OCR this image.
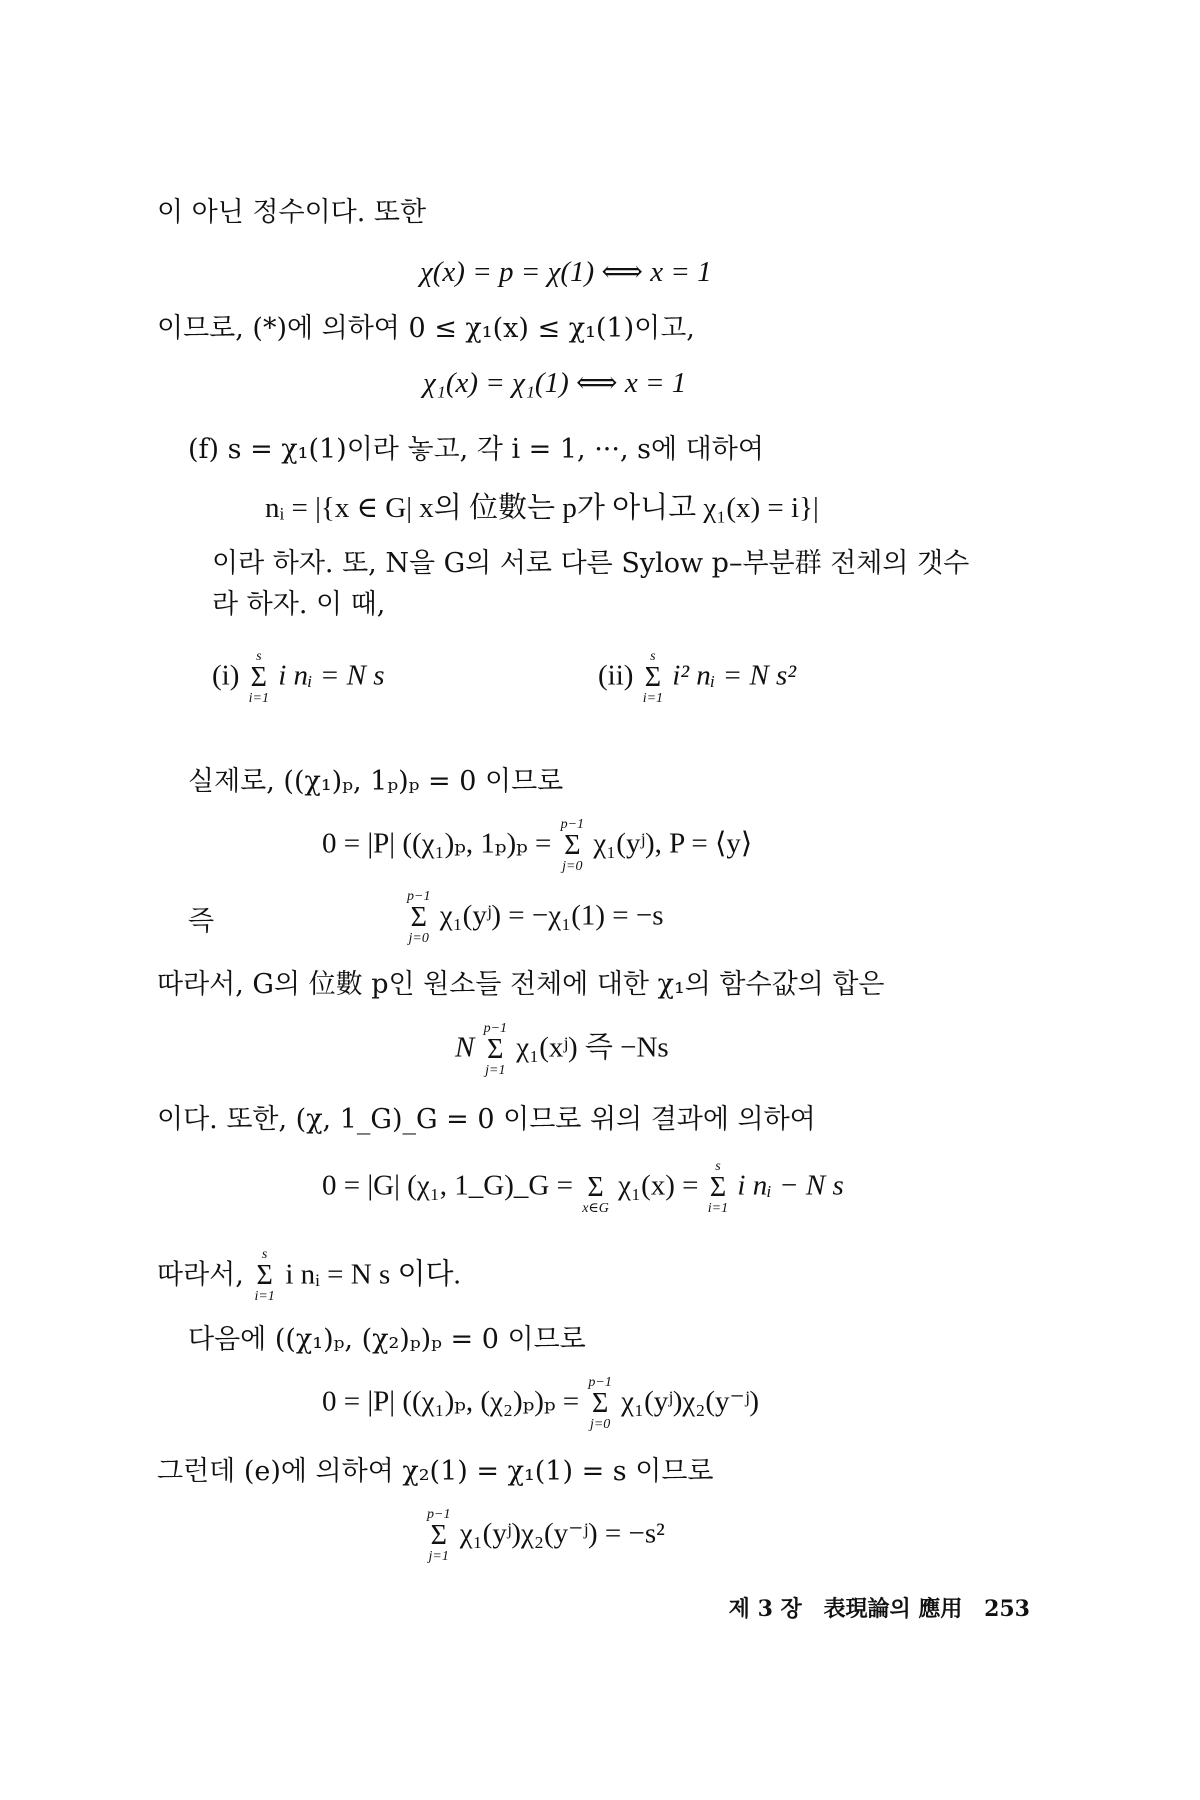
이 아닌 정수이다. 또한
χ(x) = p = χ(1) ⟺ x = 1
이므로, (*)에 의하여 0 ≤ χ₁(x) ≤ χ₁(1)이고,
χ₁(x) = χ₁(1) ⟺ x = 1
(f) s = χ₁(1)이라 놓고, 각 i = 1, ···, s에 대하여
nᵢ = |{x ∈ G| x의 位數는 p가 아니고 χ₁(x) = i}|
이라 하자. 또, N을 G의 서로 다른 Sylow p–부분群 전체의 갯수
라 하자. 이 때,
(i)
s
Σ
i=1
i nᵢ = N s	(ii)
s
Σ
i=1
i² nᵢ = N s²
실제로, ((χ₁)ₚ, 1ₚ)ₚ = 0 이므로
0 = |P| ((χ₁)ₚ, 1ₚ)ₚ =
p−1
Σ
j=0
χ₁(yʲ), P = ⟨y⟩
즉
p−1
Σ
j=0
χ₁(yʲ) = −χ₁(1) = −s
따라서, G의 位數 p인 원소들 전체에 대한 χ₁의 함수값의 합은
N
p−1
Σ
j=1
χ₁(xʲ) 즉 −Ns
이다. 또한, (χ, 1_G)_G = 0 이므로 위의 결과에 의하여
0 = |G| (χ₁, 1_G)_G =
Σ
x∈G
χ₁(x) =
s
Σ
i=1
i nᵢ − N s
따라서,
s
Σ
i=1
i nᵢ = N s 이다.
다음에 ((χ₁)ₚ, (χ₂)ₚ)ₚ = 0 이므로
0 = |P| ((χ₁)ₚ, (χ₂)ₚ)ₚ =
p−1
Σ
j=0
χ₁(yʲ)χ₂(y⁻ʲ)
그런데 (e)에 의하여 χ₂(1) = χ₁(1) = s 이므로
p−1
Σ
j=1
χ₁(yʲ)χ₂(y⁻ʲ) = −s²
제 3 장 表現論의 應用 253
